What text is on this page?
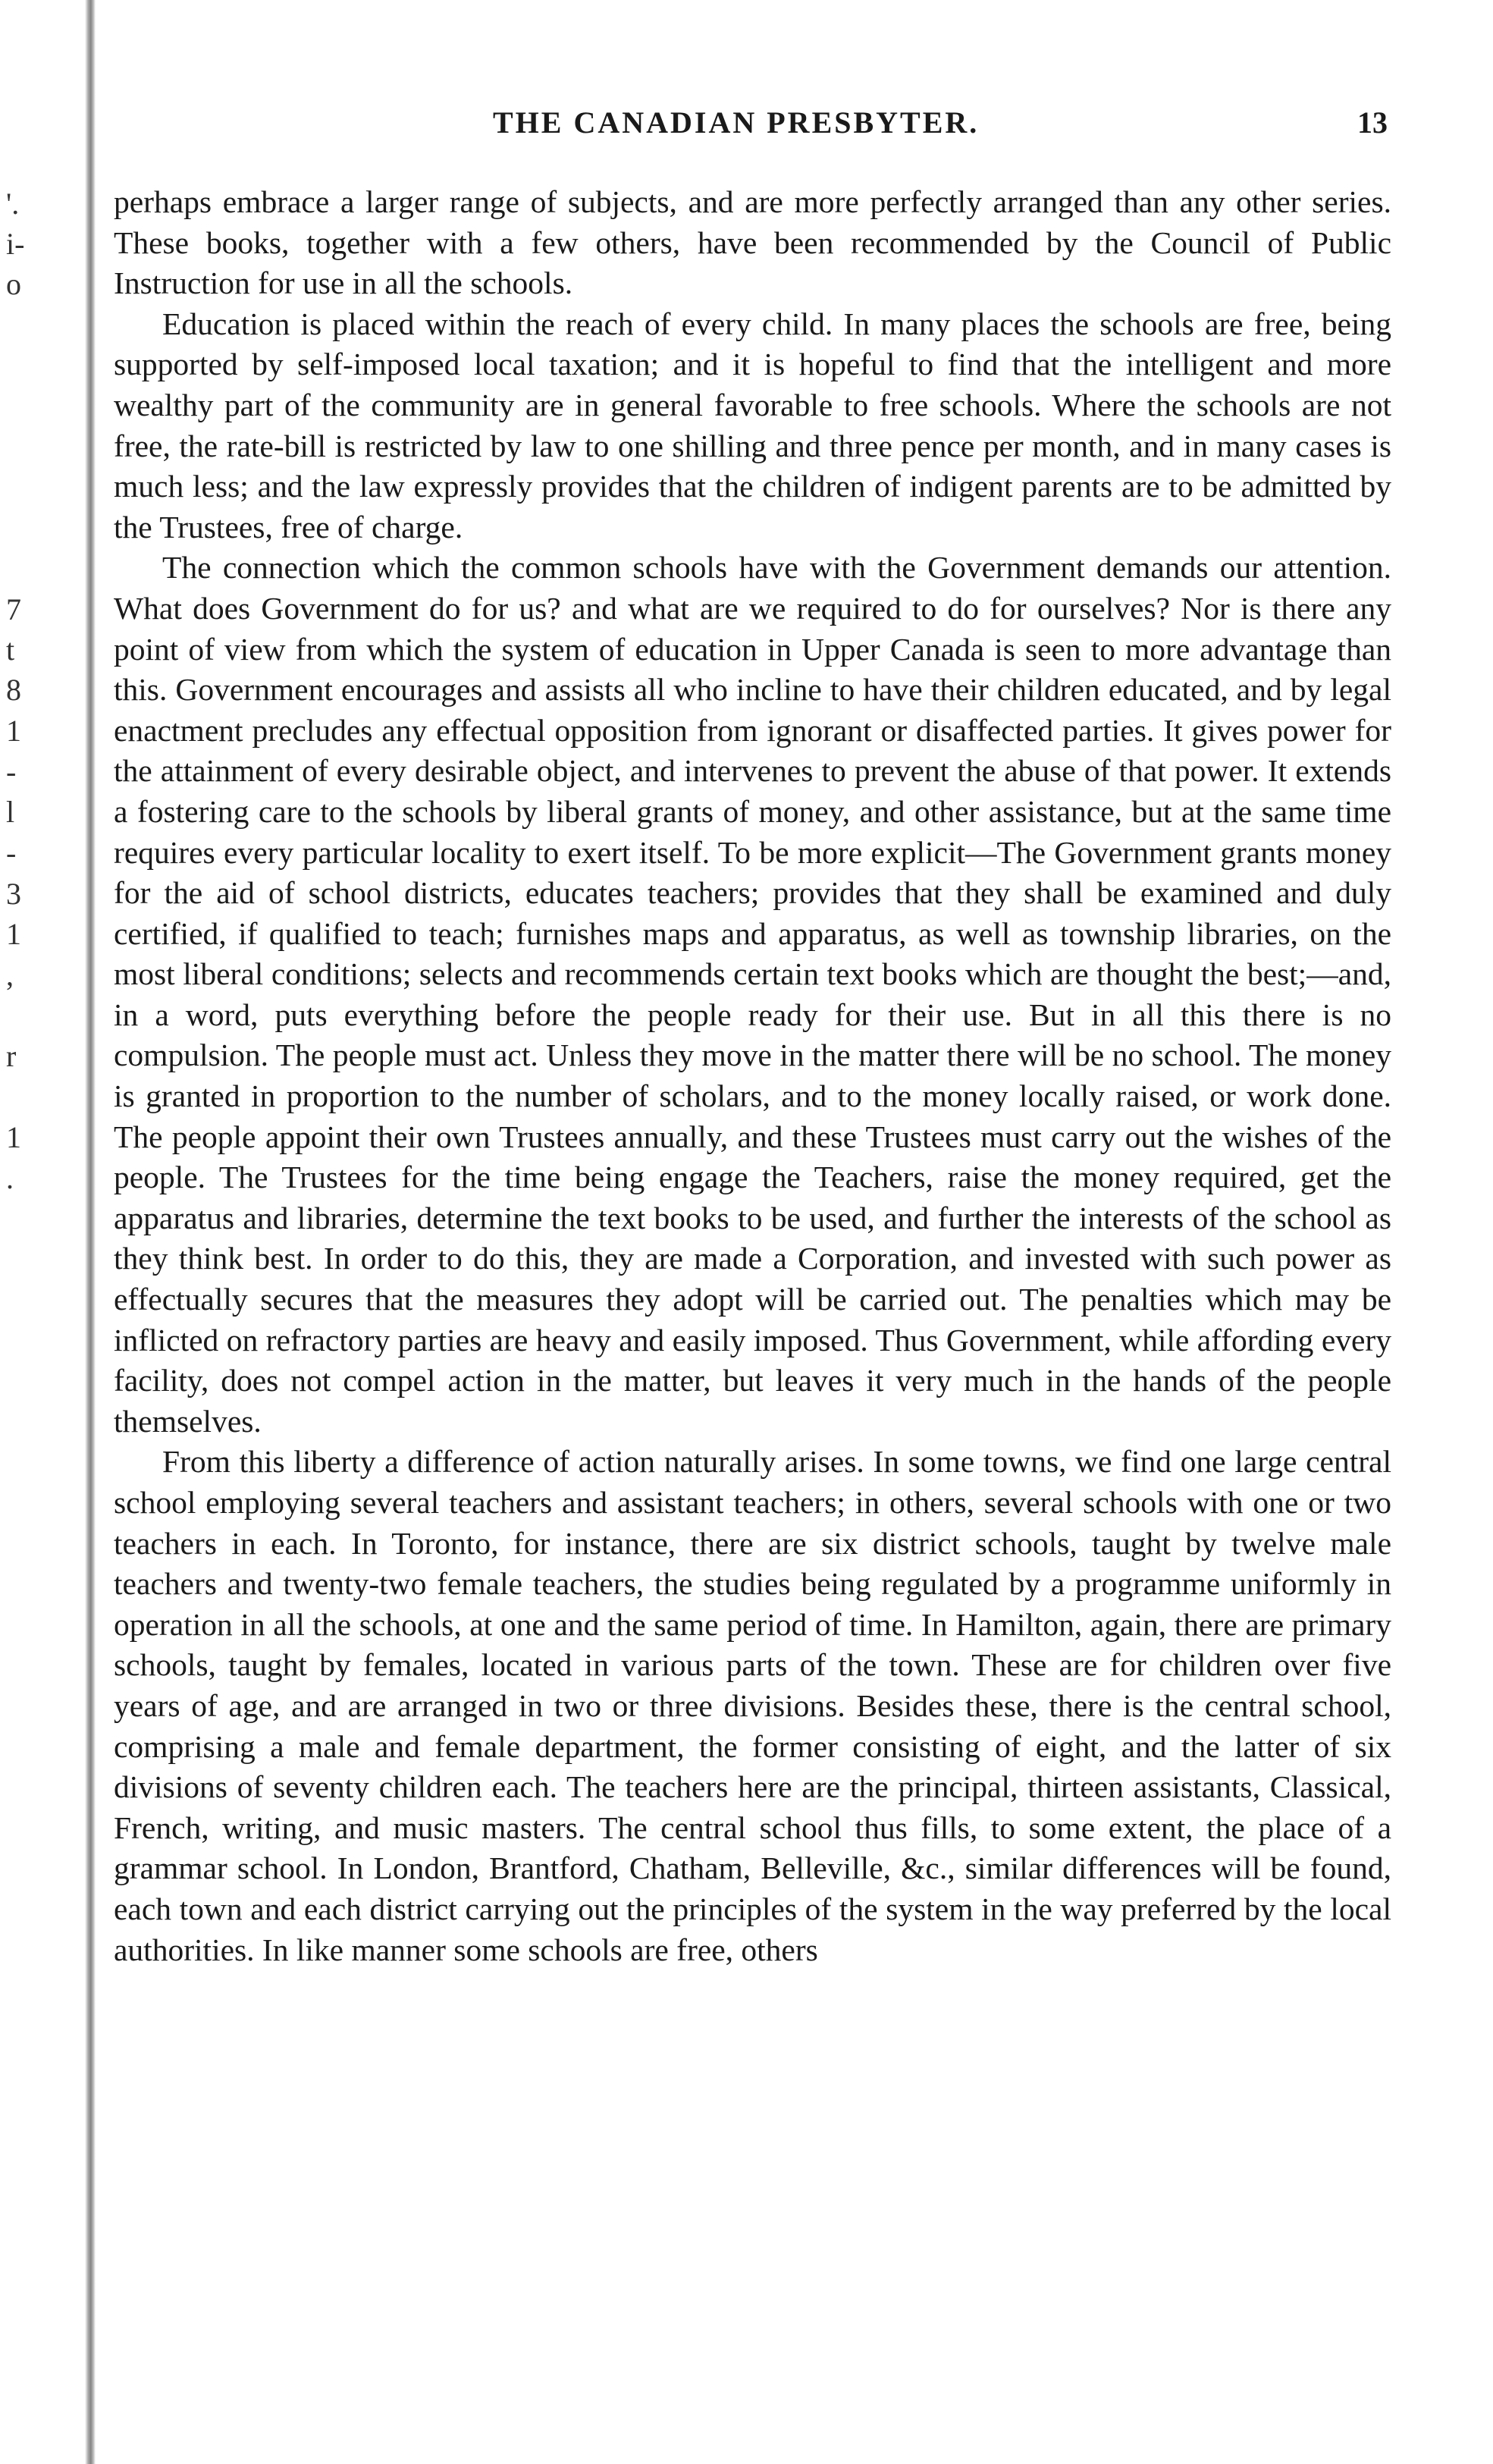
'.
i-
o
7
t
8
1
-
l
-
3
1
,
r
1
.
THE CANADIAN PRESBYTER.	13

perhaps embrace a larger range of subjects, and are more perfectly arranged than any other series. These books, together with a few others, have been recommended by the Council of Public Instruction for use in all the schools.

Education is placed within the reach of every child. In many places the schools are free, being supported by self-imposed local taxation; and it is hopeful to find that the intelligent and more wealthy part of the community are in general favorable to free schools. Where the schools are not free, the rate-bill is restricted by law to one shilling and three pence per month, and in many cases is much less; and the law expressly provides that the children of indigent parents are to be admitted by the Trustees, free of charge.

The connection which the common schools have with the Government demands our attention. What does Government do for us? and what are we required to do for ourselves? Nor is there any point of view from which the system of education in Upper Canada is seen to more advantage than this. Government encourages and assists all who incline to have their children educated, and by legal enactment precludes any effectual opposition from ignorant or disaffected parties. It gives power for the attainment of every desirable object, and intervenes to prevent the abuse of that power. It extends a fostering care to the schools by liberal grants of money, and other assistance, but at the same time requires every particular locality to exert itself. To be more explicit—The Government grants money for the aid of school districts, educates teachers; provides that they shall be examined and duly certified, if qualified to teach; furnishes maps and apparatus, as well as township libraries, on the most liberal conditions; selects and recommends certain text books which are thought the best;—and, in a word, puts everything before the people ready for their use. But in all this there is no compulsion. The people must act. Unless they move in the matter there will be no school. The money is granted in proportion to the number of scholars, and to the money locally raised, or work done. The people appoint their own Trustees annually, and these Trustees must carry out the wishes of the people. The Trustees for the time being engage the Teachers, raise the money required, get the apparatus and libraries, determine the text books to be used, and further the interests of the school as they think best. In order to do this, they are made a Corporation, and invested with such power as effectually secures that the measures they adopt will be carried out. The penalties which may be inflicted on refractory parties are heavy and easily imposed. Thus Government, while affording every facility, does not compel action in the matter, but leaves it very much in the hands of the people themselves.

From this liberty a difference of action naturally arises. In some towns, we find one large central school employing several teachers and assistant teachers; in others, several schools with one or two teachers in each. In Toronto, for instance, there are six district schools, taught by twelve male teachers and twenty-two female teachers, the studies being regulated by a programme uniformly in operation in all the schools, at one and the same period of time. In Hamilton, again, there are primary schools, taught by females, located in various parts of the town. These are for children over five years of age, and are arranged in two or three divisions. Besides these, there is the central school, comprising a male and female department, the former consisting of eight, and the latter of six divisions of seventy children each. The teachers here are the principal, thirteen assistants, Classical, French, writing, and music masters. The central school thus fills, to some extent, the place of a grammar school. In London, Brantford, Chatham, Belleville, &c., similar differences will be found, each town and each district carrying out the principles of the system in the way preferred by the local authorities. In like manner some schools are free, others
